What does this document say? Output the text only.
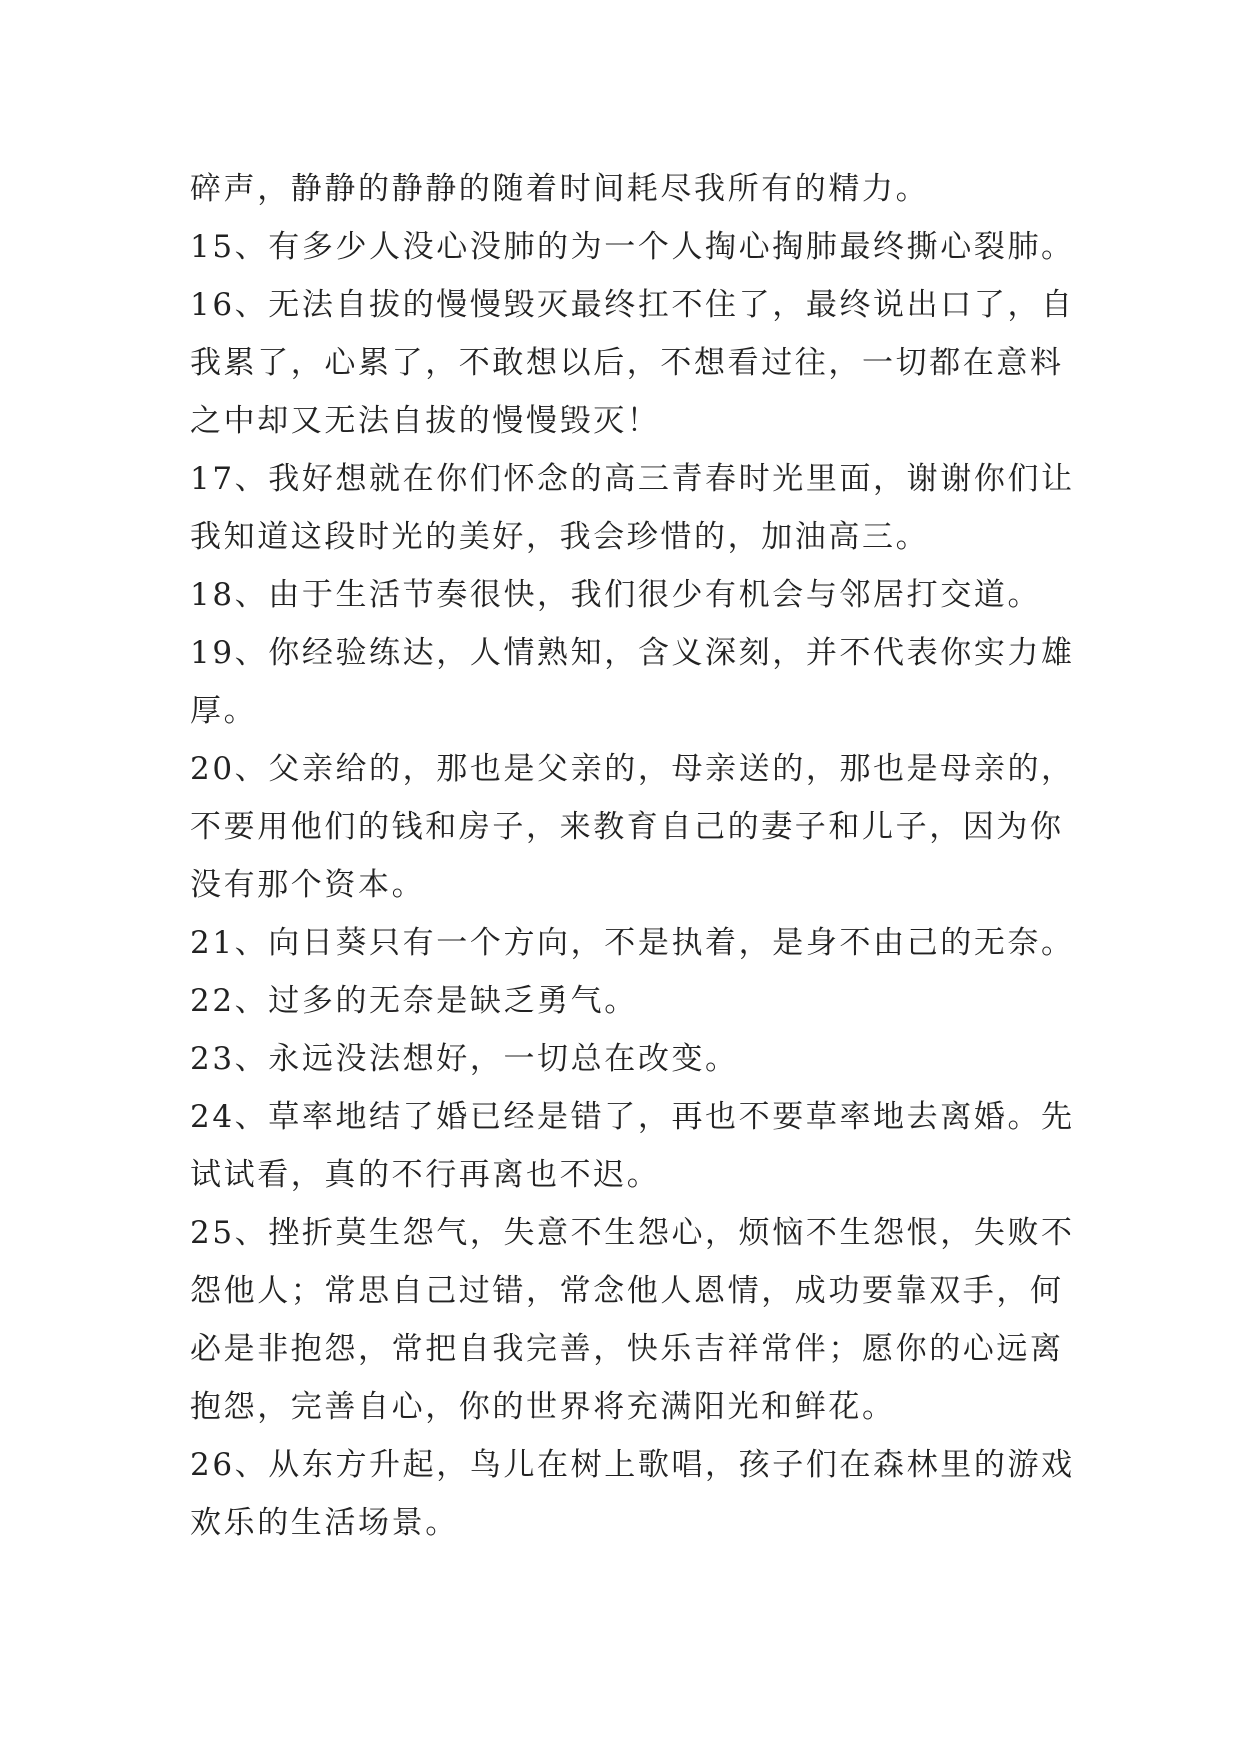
碎声，静静的静静的随着时间耗尽我所有的精力。
15、有多少人没心没肺的为一个人掏心掏肺最终撕心裂肺。
16、无法自拔的慢慢毁灭最终扛不住了，最终说出口了，自
我累了，心累了，不敢想以后，不想看过往，一切都在意料
之中却又无法自拔的慢慢毁灭！
17、我好想就在你们怀念的高三青春时光里面，谢谢你们让
我知道这段时光的美好，我会珍惜的，加油高三。
18、由于生活节奏很快，我们很少有机会与邻居打交道。
19、你经验练达，人情熟知，含义深刻，并不代表你实力雄
厚。
20、父亲给的，那也是父亲的，母亲送的，那也是母亲的，
不要用他们的钱和房子，来教育自己的妻子和儿子，因为你
没有那个资本。
21、向日葵只有一个方向，不是执着，是身不由己的无奈。
22、过多的无奈是缺乏勇气。
23、永远没法想好，一切总在改变。
24、草率地结了婚已经是错了，再也不要草率地去离婚。先
试试看，真的不行再离也不迟。
25、挫折莫生怨气，失意不生怨心，烦恼不生怨恨，失败不
怨他人；常思自己过错，常念他人恩情，成功要靠双手，何
必是非抱怨，常把自我完善，快乐吉祥常伴；愿你的心远离
抱怨，完善自心，你的世界将充满阳光和鲜花。
26、从东方升起，鸟儿在树上歌唱，孩子们在森林里的游戏
欢乐的生活场景。
